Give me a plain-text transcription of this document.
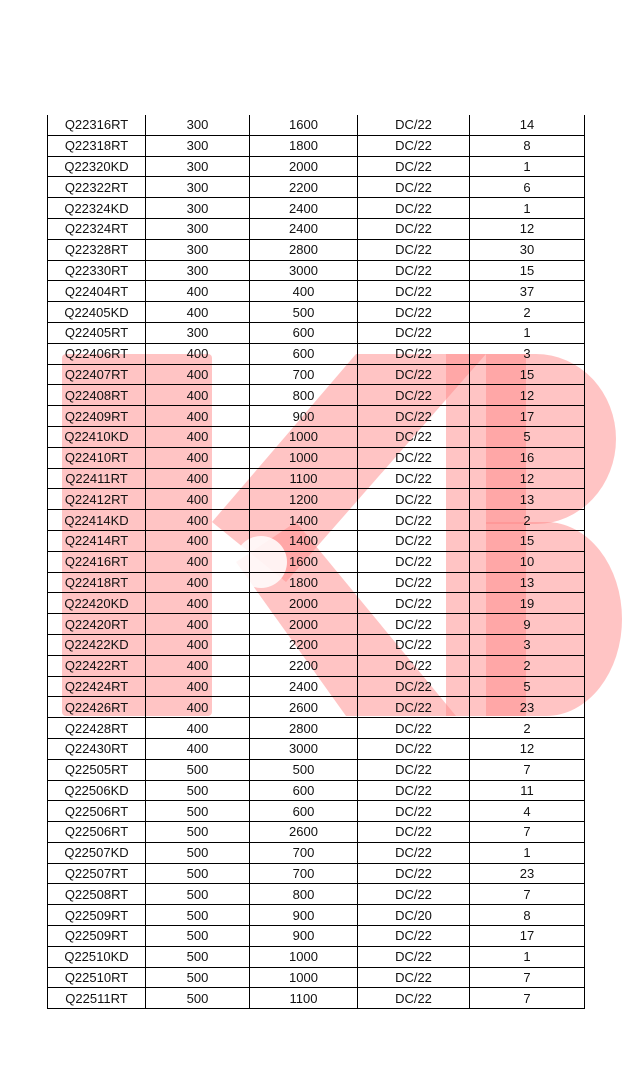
Q22316RT	300	1600	DC/22	14
Q22318RT	300	1800	DC/22	8
Q22320KD	300	2000	DC/22	1
Q22322RT	300	2200	DC/22	6
Q22324KD	300	2400	DC/22	1
Q22324RT	300	2400	DC/22	12
Q22328RT	300	2800	DC/22	30
Q22330RT	300	3000	DC/22	15
Q22404RT	400	400	DC/22	37
Q22405KD	400	500	DC/22	2
Q22405RT	300	600	DC/22	1
Q22406RT	400	600	DC/22	3
Q22407RT	400	700	DC/22	15
Q22408RT	400	800	DC/22	12
Q22409RT	400	900	DC/22	17
Q22410KD	400	1000	DC/22	5
Q22410RT	400	1000	DC/22	16
Q22411RT	400	1100	DC/22	12
Q22412RT	400	1200	DC/22	13
Q22414KD	400	1400	DC/22	2
Q22414RT	400	1400	DC/22	15
Q22416RT	400	1600	DC/22	10
Q22418RT	400	1800	DC/22	13
Q22420KD	400	2000	DC/22	19
Q22420RT	400	2000	DC/22	9
Q22422KD	400	2200	DC/22	3
Q22422RT	400	2200	DC/22	2
Q22424RT	400	2400	DC/22	5
Q22426RT	400	2600	DC/22	23
Q22428RT	400	2800	DC/22	2
Q22430RT	400	3000	DC/22	12
Q22505RT	500	500	DC/22	7
Q22506KD	500	600	DC/22	11
Q22506RT	500	600	DC/22	4
Q22506RT	500	2600	DC/22	7
Q22507KD	500	700	DC/22	1
Q22507RT	500	700	DC/22	23
Q22508RT	500	800	DC/22	7
Q22509RT	500	900	DC/20	8
Q22509RT	500	900	DC/22	17
Q22510KD	500	1000	DC/22	1
Q22510RT	500	1000	DC/22	7
Q22511RT	500	1100	DC/22	7
